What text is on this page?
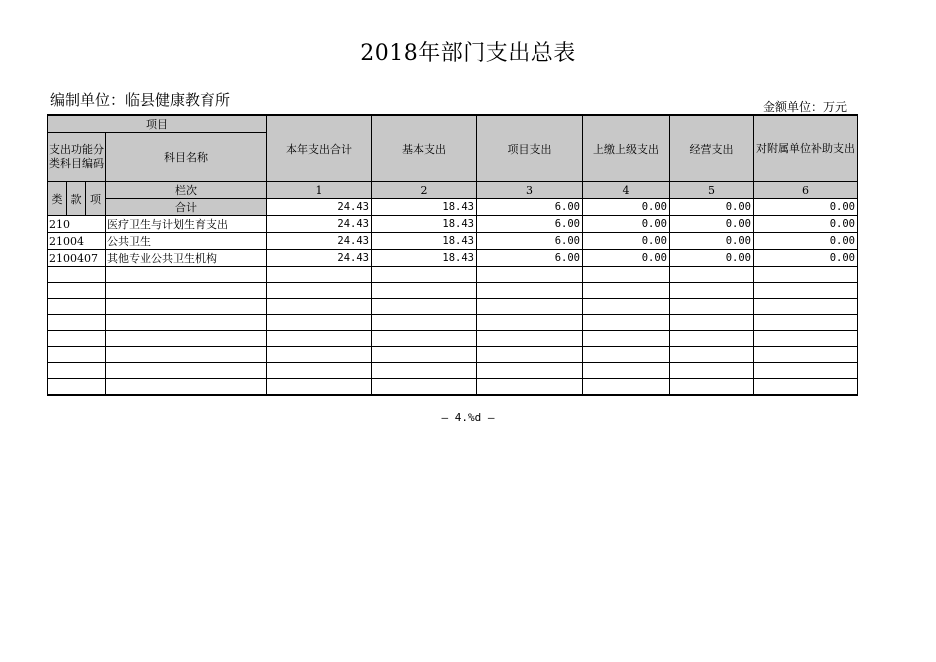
2018年部门支出总表
编制单位：临县健康教育所	金额单位：万元
项目				本年支出合计	基本支出	项目支出	上缴上级支出	经营支出	对附属单位补助支出
支出功能分类科目编码			科目名称						
类	款	项	栏次	1	2	3	4	5	6
			合计	24.43	18.43	6.00	0.00	0.00	0.00
210			医疗卫生与计划生育支出	24.43	18.43	6.00	0.00	0.00	0.00
21004			公共卫生	24.43	18.43	6.00	0.00	0.00	0.00
2100407			其他专业公共卫生机构	24.43	18.43	6.00	0.00	0.00	0.00

— 4.%d —
